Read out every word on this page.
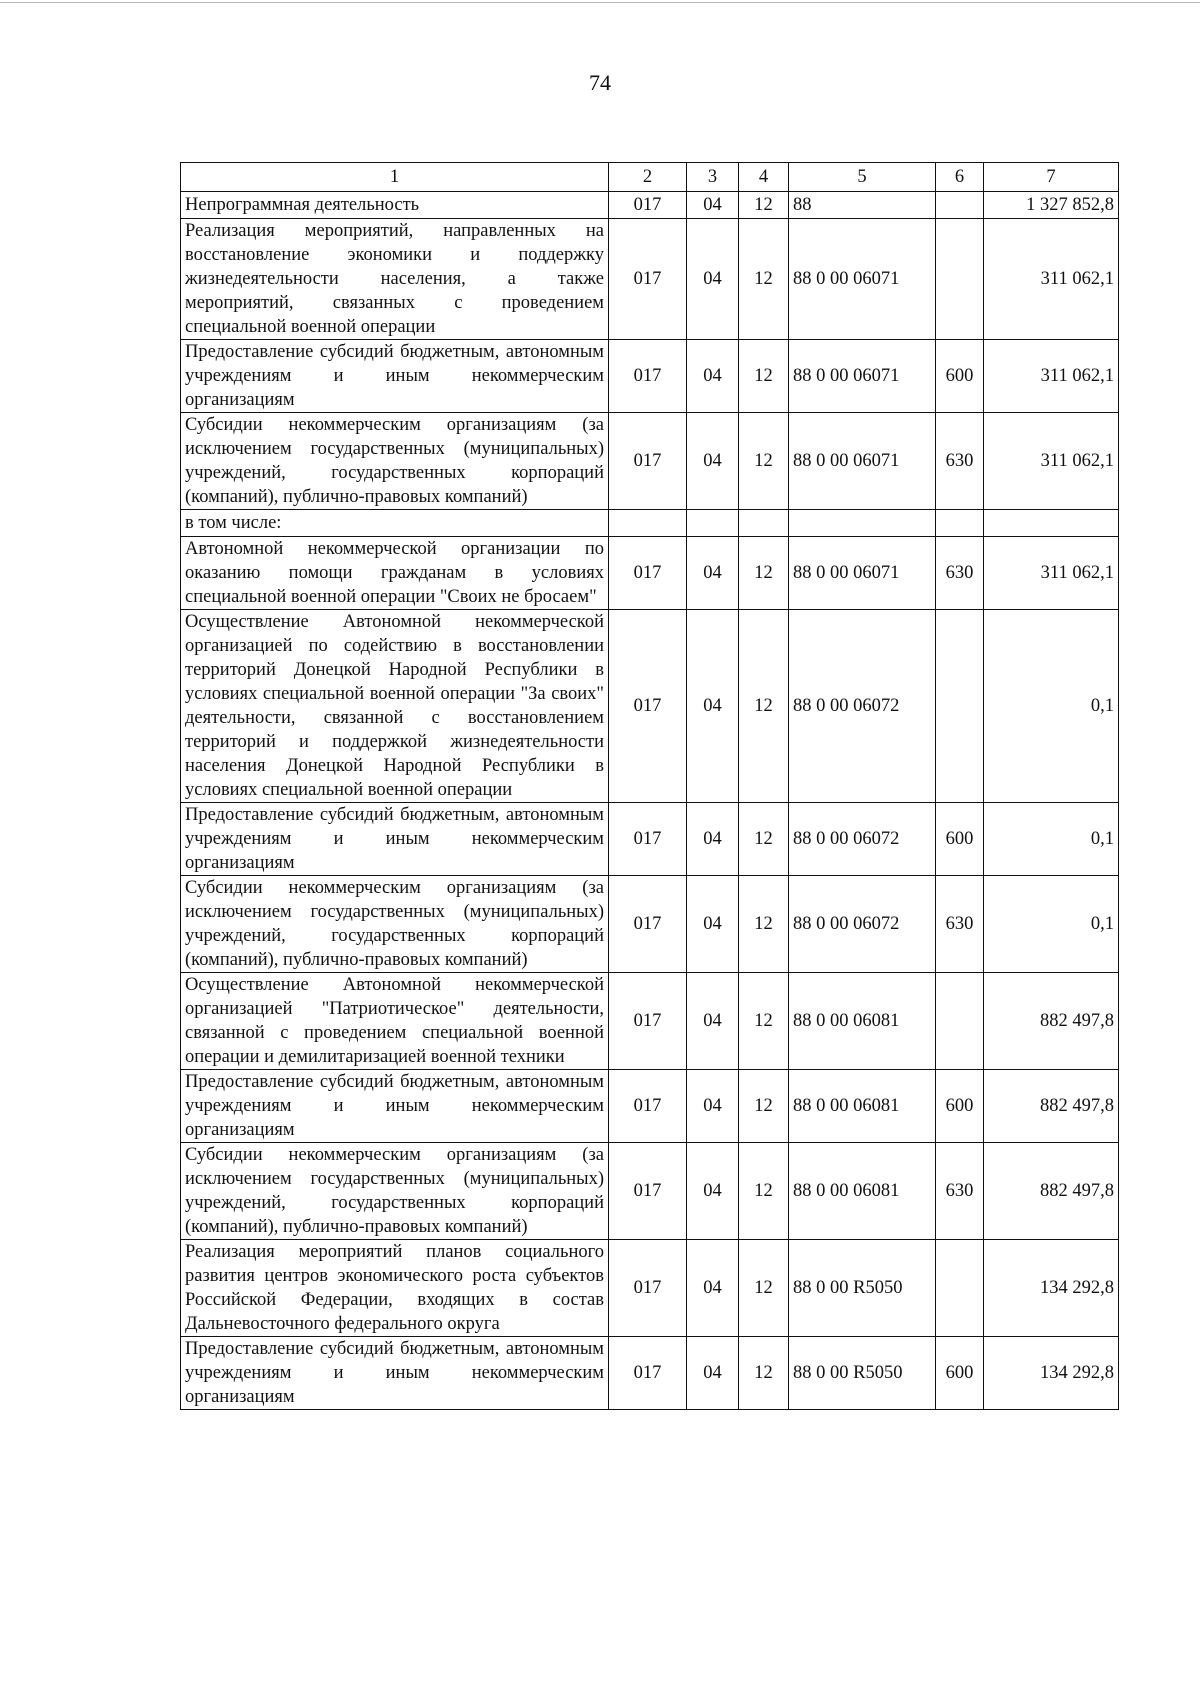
74
1	2	3	4	5	6	7
Непрограммная деятельность	017	04	12	88		1 327 852,8
Реализация мероприятий, направленных на восстановление экономики и поддержку жизнедеятельности населения, а также мероприятий, связанных с проведением специальной военной операции	017	04	12	88 0 00 06071		311 062,1
Предоставление субсидий бюджетным, автономным учреждениям и иным некоммерческим организациям	017	04	12	88 0 00 06071	600	311 062,1
Субсидии некоммерческим организациям (за исключением государственных (муниципальных) учреждений, государственных корпораций (компаний), публично-правовых компаний)	017	04	12	88 0 00 06071	630	311 062,1
в том числе:						
Автономной некоммерческой организации по оказанию помощи гражданам в условиях специальной военной операции "Своих не бросаем"	017	04	12	88 0 00 06071	630	311 062,1
Осуществление Автономной некоммерческой организацией по содействию в восстановлении территорий Донецкой Народной Республики в условиях специальной военной операции "За своих" деятельности, связанной с восстановлением территорий и поддержкой жизнедеятельности населения Донецкой Народной Республики в условиях специальной военной операции	017	04	12	88 0 00 06072		0,1
Предоставление субсидий бюджетным, автономным учреждениям и иным некоммерческим организациям	017	04	12	88 0 00 06072	600	0,1
Субсидии некоммерческим организациям (за исключением государственных (муниципальных) учреждений, государственных корпораций (компаний), публично-правовых компаний)	017	04	12	88 0 00 06072	630	0,1
Осуществление Автономной некоммерческой организацией "Патриотическое" деятельности, связанной с проведением специальной военной операции и демилитаризацией военной техники	017	04	12	88 0 00 06081		882 497,8
Предоставление субсидий бюджетным, автономным учреждениям и иным некоммерческим организациям	017	04	12	88 0 00 06081	600	882 497,8
Субсидии некоммерческим организациям (за исключением государственных (муниципальных) учреждений, государственных корпораций (компаний), публично-правовых компаний)	017	04	12	88 0 00 06081	630	882 497,8
Реализация мероприятий планов социального развития центров экономического роста субъектов Российской Федерации, входящих в состав Дальневосточного федерального округа	017	04	12	88 0 00 R5050		134 292,8
Предоставление субсидий бюджетным, автономным учреждениям и иным некоммерческим организациям	017	04	12	88 0 00 R5050	600	134 292,8
